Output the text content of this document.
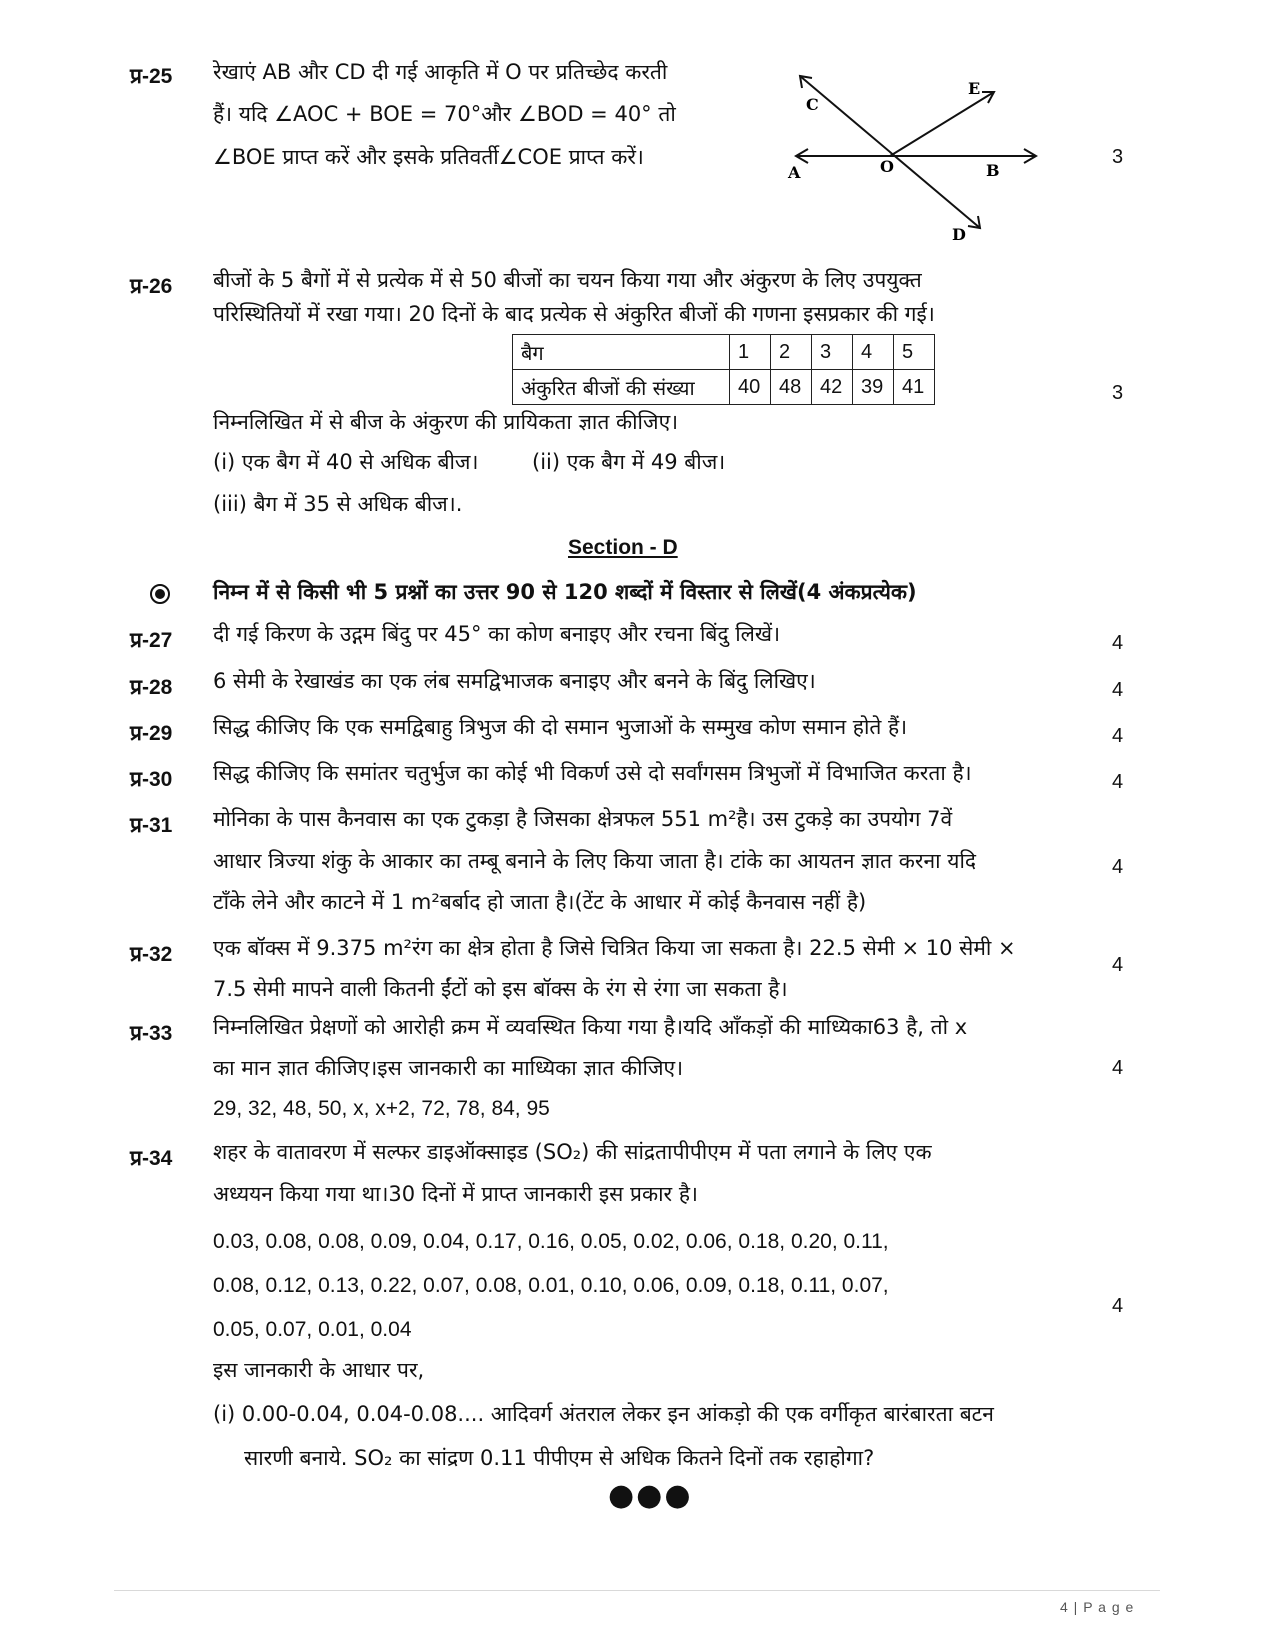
प्र-25 रेखाएं AB और CD दी गई आकृति में O पर प्रतिच्छेद करती
हैं। यदि ∠AOC + BOE = 70°और ∠BOD = 40° तो
∠BOE प्राप्त करें और इसके प्रतिवर्ती∠COE प्राप्त करें।	3
C
E
A	O	B
D
प्र-26 बीजों के 5 बैगों में से प्रत्येक में से 50 बीजों का चयन किया गया और अंकुरण के लिए उपयुक्त
परिस्थितियों में रखा गया। 20 दिनों के बाद प्रत्येक से अंकुरित बीजों की गणना इसप्रकार की गई।
बैग	1	2	3	4	5
अंकुरित बीजों की संख्या	40	48	42	39	41	3
निम्नलिखित में से बीज के अंकुरण की प्रायिकता ज्ञात कीजिए।
(i) एक बैग में 40 से अधिक बीज।	(ii) एक बैग में 49 बीज।
(iii) बैग में 35 से अधिक बीज।.
Section - D
निम्न में से किसी भी 5 प्रश्नों का उत्तर 90 से 120 शब्दों में विस्तार से लिखें(4 अंकप्रत्येक)
प्र-27 दी गई किरण के उद्गम बिंदु पर 45° का कोण बनाइए और रचना बिंदु लिखें।	4
प्र-28 6 सेमी के रेखाखंड का एक लंब समद्विभाजक बनाइए और बनने के बिंदु लिखिए।	4
प्र-29 सिद्ध कीजिए कि एक समद्विबाहु त्रिभुज की दो समान भुजाओं के सम्मुख कोण समान होते हैं।	4
प्र-30 सिद्ध कीजिए कि समांतर चतुर्भुज का कोई भी विकर्ण उसे दो सर्वांगसम त्रिभुजों में विभाजित करता है।	4
प्र-31 मोनिका के पास कैनवास का एक टुकड़ा है जिसका क्षेत्रफल 551 m²है। उस टुकड़े का उपयोग 7वें
आधार त्रिज्या शंकु के आकार का तम्बू बनाने के लिए किया जाता है। टांके का आयतन ज्ञात करना यदि
टाँके लेने और काटने में 1 m²बर्बाद हो जाता है।(टेंट के आधार में कोई कैनवास नहीं है)
4
प्र-32 एक बॉक्स में 9.375 m²रंग का क्षेत्र होता है जिसे चित्रित किया जा सकता है। 22.5 सेमी × 10 सेमी ×
7.5 सेमी मापने वाली कितनी ईंटों को इस बॉक्स के रंग से रंगा जा सकता है।
4
प्र-33 निम्नलिखित प्रेक्षणों को आरोही क्रम में व्यवस्थित किया गया है।यदि आँकड़ों की माध्यिका63 है, तो x
का मान ज्ञात कीजिए।इस जानकारी का माध्यिका ज्ञात कीजिए।
29, 32, 48, 50, x, x+2, 72, 78, 84, 95
4
प्र-34 शहर के वातावरण में सल्फर डाइऑक्साइड (SO₂) की सांद्रतापीपीएम में पता लगाने के लिए एक
अध्ययन किया गया था।30 दिनों में प्राप्त जानकारी इस प्रकार है।
0.03, 0.08, 0.08, 0.09, 0.04, 0.17, 0.16, 0.05, 0.02, 0.06, 0.18, 0.20, 0.11,
0.08, 0.12, 0.13, 0.22, 0.07, 0.08, 0.01, 0.10, 0.06, 0.09, 0.18, 0.11, 0.07,
0.05, 0.07, 0.01, 0.04
इस जानकारी के आधार पर,
(i) 0.00-0.04, 0.04-0.08.... आदिवर्ग अंतराल लेकर इन आंकड़ो की एक वर्गीकृत बारंबारता बटन
सारणी बनाये. SO₂ का सांद्रण 0.11 पीपीएम से अधिक कितने दिनों तक रहाहोगा?
4
●●●
4 | P a g e
